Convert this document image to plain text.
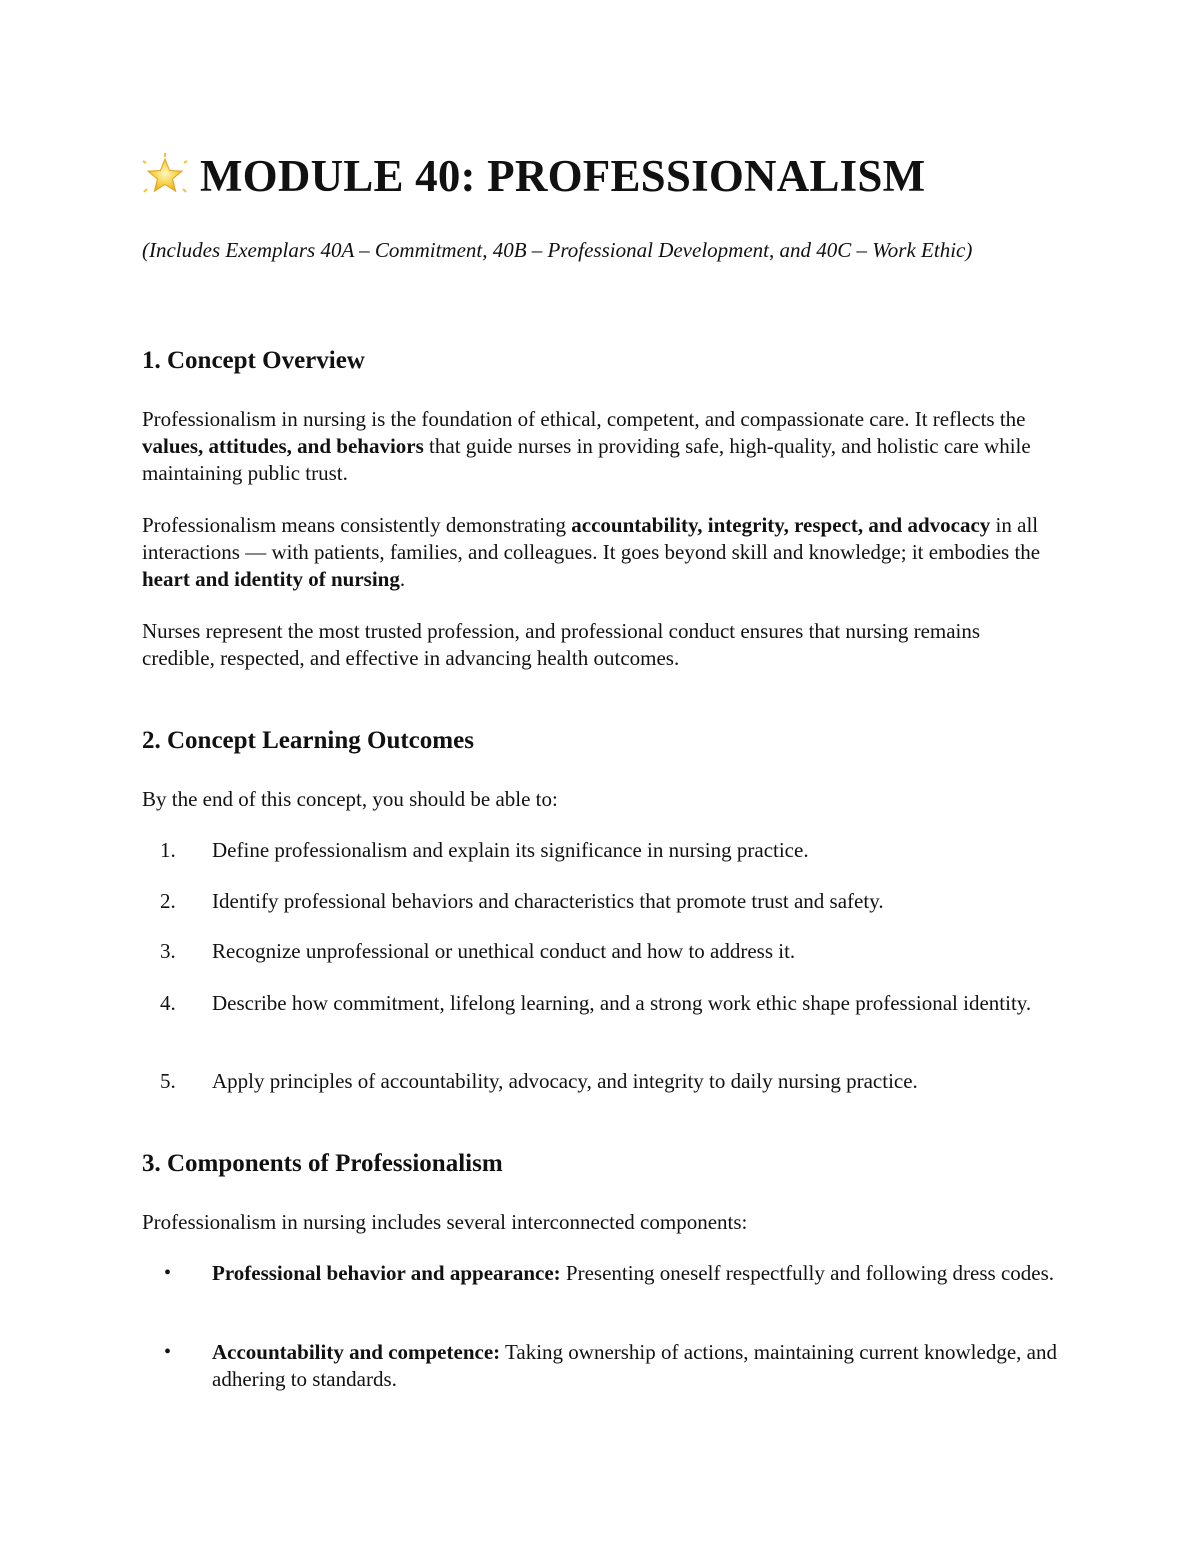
MODULE 40: PROFESSIONALISM

(Includes Exemplars 40A – Commitment, 40B – Professional Development, and 40C – Work Ethic)

1. Concept Overview

Professionalism in nursing is the foundation of ethical, competent, and compassionate care. It reflects the values, attitudes, and behaviors that guide nurses in providing safe, high-quality, and holistic care while maintaining public trust.

Professionalism means consistently demonstrating accountability, integrity, respect, and advocacy in all interactions — with patients, families, and colleagues. It goes beyond skill and knowledge; it embodies the heart and identity of nursing.

Nurses represent the most trusted profession, and professional conduct ensures that nursing remains credible, respected, and effective in advancing health outcomes.

2. Concept Learning Outcomes

By the end of this concept, you should be able to:

1.	Define professionalism and explain its significance in nursing practice.
2.	Identify professional behaviors and characteristics that promote trust and safety.
3.	Recognize unprofessional or unethical conduct and how to address it.
4.	Describe how commitment, lifelong learning, and a strong work ethic shape professional identity.
5.	Apply principles of accountability, advocacy, and integrity to daily nursing practice.
3. Components of Professionalism

Professionalism in nursing includes several interconnected components:

• Professional behavior and appearance: Presenting oneself respectfully and following dress codes.
• Accountability and competence: Taking ownership of actions, maintaining current knowledge, and adhering to standards.
